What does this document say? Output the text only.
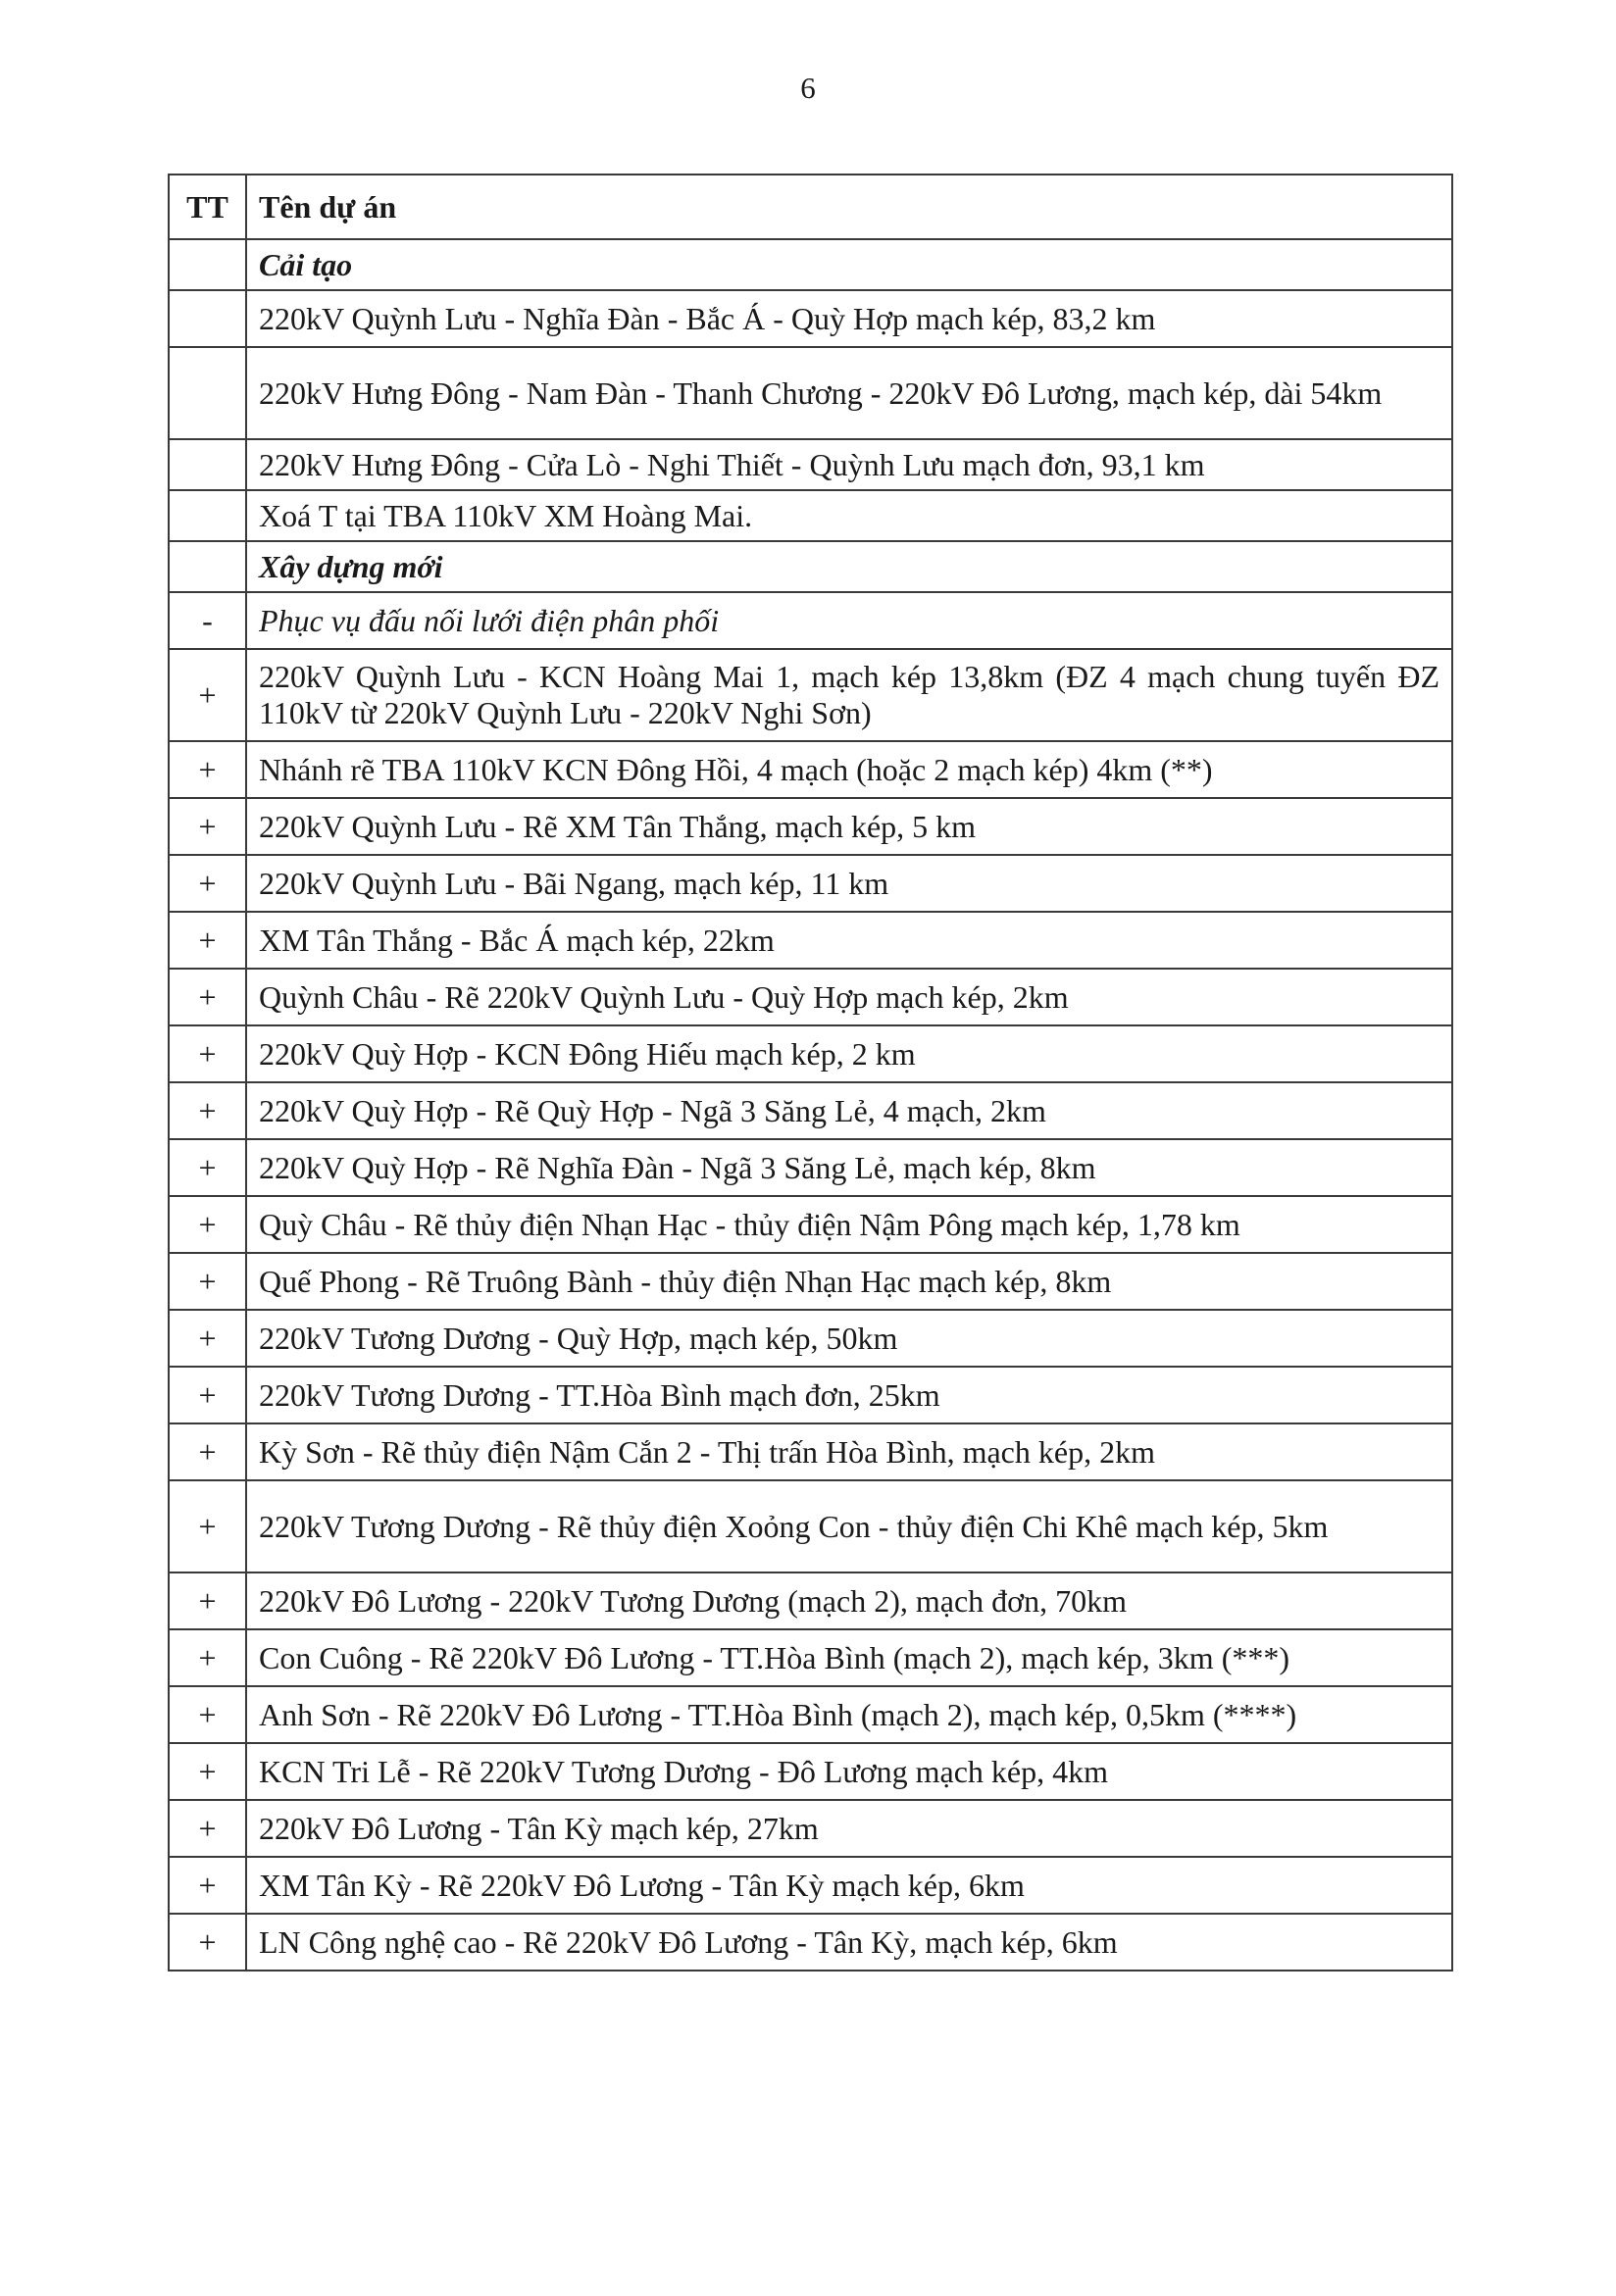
6
TT	Tên dự án
	Cải tạo
	220kV Quỳnh Lưu - Nghĩa Đàn - Bắc Á - Quỳ Hợp mạch kép, 83,2 km
	220kV Hưng Đông - Nam Đàn - Thanh Chương - 220kV Đô Lương, mạch kép, dài 54km
	220kV Hưng Đông - Cửa Lò - Nghi Thiết - Quỳnh Lưu mạch đơn, 93,1 km
	Xoá T tại TBA 110kV XM Hoàng Mai.
	Xây dựng mới
-	Phục vụ đấu nối lưới điện phân phối
+	220kV Quỳnh Lưu - KCN Hoàng Mai 1, mạch kép 13,8km (ĐZ 4 mạch chung tuyến ĐZ 110kV từ 220kV Quỳnh Lưu - 220kV Nghi Sơn)
+	Nhánh rẽ TBA 110kV KCN Đông Hồi, 4 mạch (hoặc 2 mạch kép) 4km (**)
+	220kV Quỳnh Lưu - Rẽ XM Tân Thắng, mạch kép, 5 km
+	220kV Quỳnh Lưu - Bãi Ngang, mạch kép, 11 km
+	XM Tân Thắng - Bắc Á mạch kép, 22km
+	Quỳnh Châu - Rẽ 220kV Quỳnh Lưu - Quỳ Hợp mạch kép, 2km
+	220kV Quỳ Hợp - KCN Đông Hiếu mạch kép, 2 km
+	220kV Quỳ Hợp - Rẽ Quỳ Hợp - Ngã 3 Săng Lẻ, 4 mạch, 2km
+	220kV Quỳ Hợp - Rẽ Nghĩa Đàn - Ngã 3 Săng Lẻ, mạch kép, 8km
+	Quỳ Châu - Rẽ thủy điện Nhạn Hạc - thủy điện Nậm Pông mạch kép, 1,78 km
+	Quế Phong - Rẽ Truông Bành - thủy điện Nhạn Hạc mạch kép, 8km
+	220kV Tương Dương - Quỳ Hợp, mạch kép, 50km
+	220kV Tương Dương - TT.Hòa Bình mạch đơn, 25km
+	Kỳ Sơn - Rẽ thủy điện Nậm Cắn 2 - Thị trấn Hòa Bình, mạch kép, 2km
+	220kV Tương Dương - Rẽ thủy điện Xoỏng Con - thủy điện Chi Khê mạch kép, 5km
+	220kV Đô Lương - 220kV Tương Dương (mạch 2), mạch đơn, 70km
+	Con Cuông - Rẽ 220kV Đô Lương - TT.Hòa Bình (mạch 2), mạch kép, 3km (***)
+	Anh Sơn - Rẽ 220kV Đô Lương - TT.Hòa Bình (mạch 2), mạch kép, 0,5km (****)
+	KCN Tri Lễ - Rẽ 220kV Tương Dương - Đô Lương mạch kép, 4km
+	220kV Đô Lương - Tân Kỳ mạch kép, 27km
+	XM Tân Kỳ - Rẽ 220kV Đô Lương - Tân Kỳ mạch kép, 6km
+	LN Công nghệ cao - Rẽ 220kV Đô Lương - Tân Kỳ, mạch kép, 6km
